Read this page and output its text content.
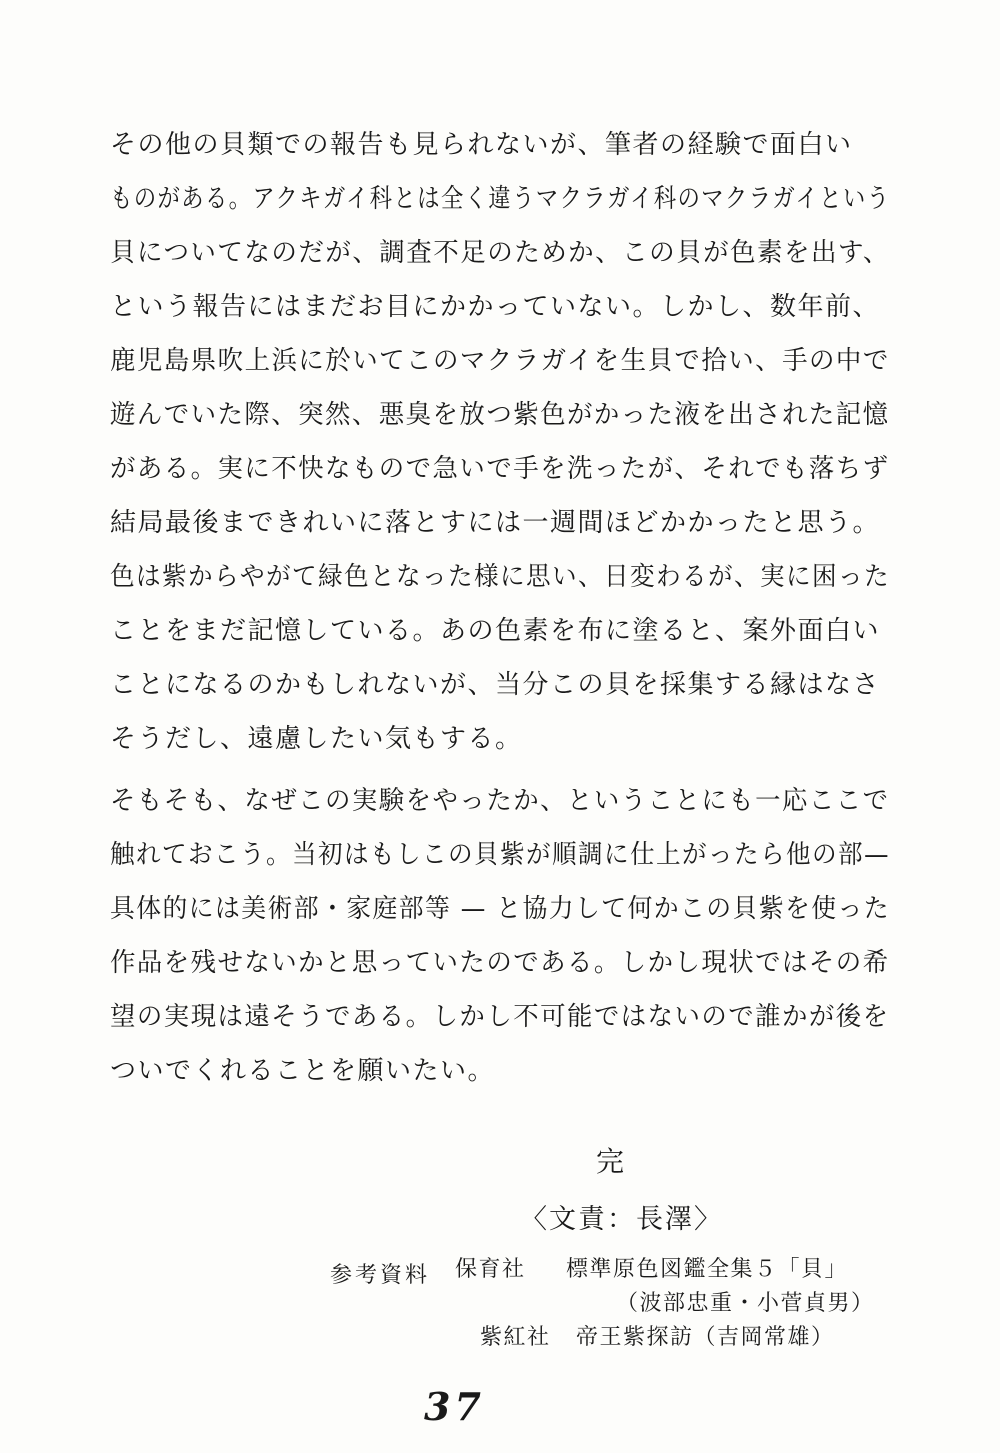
その他の貝類での報告も見られないが、筆者の経験で面白い
ものがある。アクキガイ科とは全く違うマクラガイ科のマクラガイという
貝についてなのだが、調査不足のためか、この貝が色素を出す、
という報告にはまだお目にかかっていない。しかし、数年前、
鹿児島県吹上浜に於いてこのマクラガイを生貝で拾い、手の中で
遊んでいた際、突然、悪臭を放つ紫色がかった液を出された記憶
がある。実に不快なもので急いで手を洗ったが、それでも落ちず
結局最後まできれいに落とすには一週間ほどかかったと思う。
色は紫からやがて緑色となった様に思い、日変わるが、実に困った
ことをまだ記憶している。あの色素を布に塗ると、案外面白い
ことになるのかもしれないが、当分この貝を採集する縁はなさ
そうだし、遠慮したい気もする。
そもそも、なぜこの実験をやったか、ということにも一応ここで
触れておこう。当初はもしこの貝紫が順調に仕上がったら他の部—
具体的には美術部・家庭部等 — と協力して何かこの貝紫を使った
作品を残せないかと思っていたのである。しかし現状ではその希
望の実現は遠そうである。しかし不可能ではないので誰かが後を
ついでくれることを願いたい。
完
〈文責：長澤〉
参考資料 保育社 標準原色図鑑全集５「貝」
（波部忠重・小菅貞男）
紫紅社 帝王紫探訪（吉岡常雄）
37
